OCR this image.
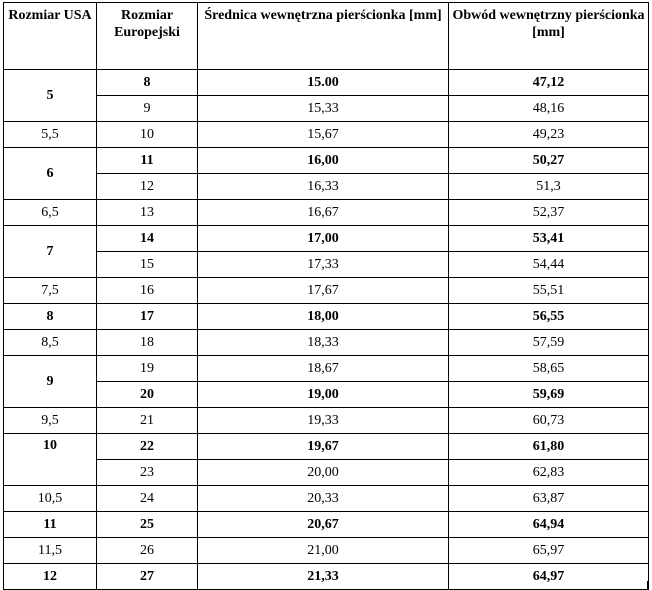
Rozmiar USA	Rozmiar Europejski	Średnica wewnętrzna pierścionka [mm]	Obwód wewnętrzny pierścionka [mm]
5	8	15.00	47,12
	9	15,33	48,16
5,5	10	15,67	49,23
6	11	16,00	50,27
	12	16,33	51,3
6,5	13	16,67	52,37
7	14	17,00	53,41
	15	17,33	54,44
7,5	16	17,67	55,51
8	17	18,00	56,55
8,5	18	18,33	57,59
9	19	18,67	58,65
	20	19,00	59,69
9,5	21	19,33	60,73
10	22	19,67	61,80
	23	20,00	62,83
10,5	24	20,33	63,87
11	25	20,67	64,94
11,5	26	21,00	65,97
12	27	21,33	64,97
